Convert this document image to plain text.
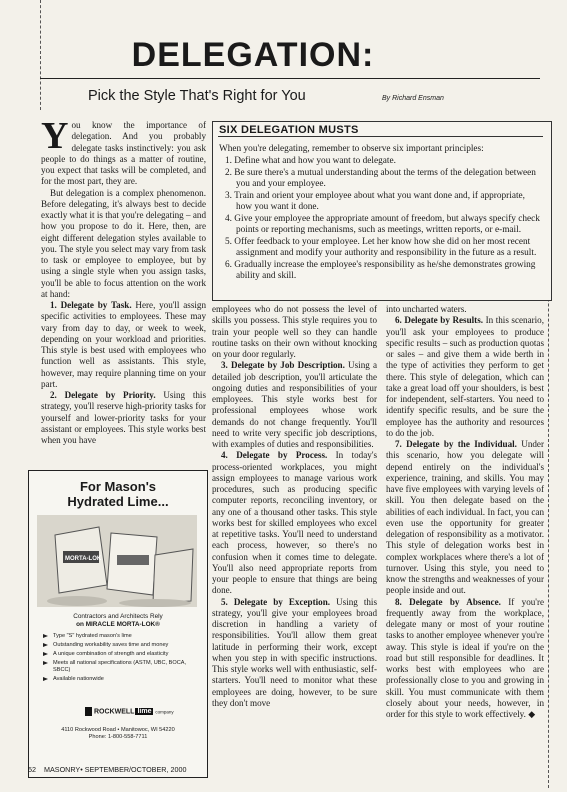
DELEGATION:
Pick the Style That's Right for You	By Richard Ensman

You know the importance of delegation. And you probably delegate tasks instinctively: you ask people to do things as a matter of routine, you expect that tasks will be completed, and for the most part, they are.

But delegation is a complex phenomenon. Before delegating, it's always best to decide exactly what it is that you're delegating – and how you propose to do it. Here, then, are eight different delegation styles available to you. The style you select may vary from task to task or employee to employee, but by using a single style when you assign tasks, you'll be able to focus attention on the work at hand:

1. Delegate by Task. Here, you'll assign specific activities to employees. These may vary from day to day, or week to week, depending on your workload and priorities. This style is best used with employees who function well as assistants. This style, however, may require planning time on your part.

2. Delegate by Priority. Using this strategy, you'll reserve high-priority tasks for yourself and lower-priority tasks for your assistant or employees. This style works best when you have

SIX DELEGATION MUSTS
When you're delegating, remember to observe six important principles:
1. Define what and how you want to delegate.
2. Be sure there's a mutual understanding about the terms of the delegation between you and your employee.
3. Train and orient your employee about what you want done and, if appropriate, how you want it done.
4. Give your employee the appropriate amount of freedom, but always specify check points or reporting mechanisms, such as meetings, written reports, or e-mail.
5. Offer feedback to your employee. Let her know how she did on her most recent assignment and modify your authority and responsibility in the future as a result.
6. Gradually increase the employee's responsibility as he/she demonstrates growing ability and skill.

employees who do not possess the level of skills you possess. This style requires you to train your people well so they can handle routine tasks on their own without knocking on your door regularly.

3. Delegate by Job Description. Using a detailed job description, you'll articulate the ongoing duties and responsibilities of your employees. This style works best for professional employees whose work demands do not change frequently. You'll need to write very specific job descriptions, with examples of duties and responsibilities.

4. Delegate by Process. In today's process-oriented workplaces, you might assign employees to manage various work procedures, such as producing specific computer reports, reconciling inventory, or any one of a thousand other tasks. This style works best for skilled employees who excel at repetitive tasks. You'll need to understand each process, however, so there's no confusion when it comes time to delegate. You'll also need appropriate reports from your people to ensure that things are being done.

5. Delegate by Exception. Using this strategy, you'll give your employees broad discretion in handling a variety of responsibilities. You'll allow them great latitude in performing their work, except when you step in with specific instructions. This style works well with enthusiastic, self-starters. You'll need to monitor what these employees are doing, however, to be sure they don't move

into uncharted waters.

6. Delegate by Results. In this scenario, you'll ask your employees to produce specific results – such as production quotas or sales – and give them a wide berth in the type of activities they perform to get there. This style of delegation, which can take a great load off your shoulders, is best for independent, self-starters. You need to identify specific results, and be sure the employee has the authority and resources to do the job.

7. Delegate by the Individual. Under this scenario, how you delegate will depend entirely on the individual's experience, training, and skills. You may have five employees with varying levels of skill. You then delegate based on the abilities of each individual. In fact, you can even use the opportunity for greater delegation of responsibility as a motivator. This style of delegation works best in complex workplaces where there's a lot of turnover. Using this style, you need to know the strengths and weaknesses of your people inside and out.

8. Delegate by Absence. If you're frequently away from the workplace, delegate many or most of your routine tasks to another employee whenever you're away. This style is ideal if you're on the road but still responsible for deadlines. It works best with employees who are professionally close to you and growing in skill. You must communicate with them closely about your needs, however, in order for this style to work effectively. ◆

For Mason's
Hydrated Lime...
MORTA-LOK
Contractors and Architects Rely
on MIRACLE MORTA-LOK®
Type "S" hydrated mason's lime
Outstanding workability saves time and money
A unique combination of strength and elasticity
Meets all national specifications (ASTM, UBC, BOCA, SBCC)
Available nationwide
ROCKWELL lime company
4110 Rockwood Road • Manitowoc, WI 54220
Phone: 1-800-558-7711
52 MASONRY• SEPTEMBER/OCTOBER, 2000
